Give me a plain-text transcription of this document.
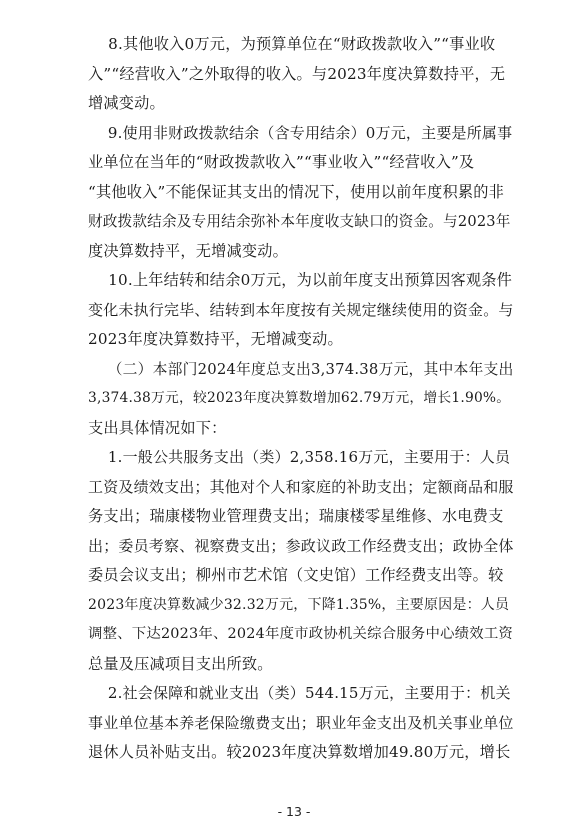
8.其他收入0万元，为预算单位在“财政拨款收入”“事业收
入”“经营收入”之外取得的收入。与2023年度决算数持平，无
增减变动。
9.使用非财政拨款结余（含专用结余）0万元，主要是所属事
业单位在当年的“财政拨款收入”“事业收入”“经营收入”及
“其他收入”不能保证其支出的情况下，使用以前年度积累的非
财政拨款结余及专用结余弥补本年度收支缺口的资金。与2023年
度决算数持平，无增减变动。
10.上年结转和结余0万元，为以前年度支出预算因客观条件
变化未执行完毕、结转到本年度按有关规定继续使用的资金。与
2023年度决算数持平，无增减变动。
（二）本部门2024年度总支出3,374.38万元，其中本年支出
3,374.38万元，较2023年度决算数增加62.79万元，增长1.90%。
支出具体情况如下：
1.一般公共服务支出（类）2,358.16万元，主要用于：人员
工资及绩效支出；其他对个人和家庭的补助支出；定额商品和服
务支出；瑞康楼物业管理费支出；瑞康楼零星维修、水电费支
出；委员考察、视察费支出；参政议政工作经费支出；政协全体
委员会议支出；柳州市艺术馆（文史馆）工作经费支出等。较
2023年度决算数减少32.32万元，下降1.35%，主要原因是：人员
调整、下达2023年、2024年度市政协机关综合服务中心绩效工资
总量及压减项目支出所致。
2.社会保障和就业支出（类）544.15万元，主要用于：机关
事业单位基本养老保险缴费支出；职业年金支出及机关事业单位
退休人员补贴支出。较2023年度决算数增加49.80万元，增长
- 13 -
